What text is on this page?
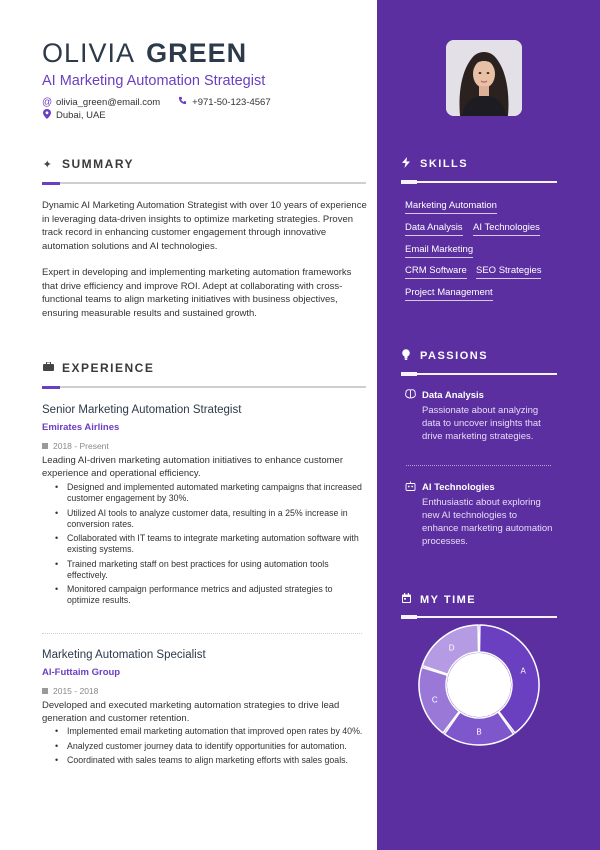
OLIVIA GREEN
AI Marketing Automation Strategist
@ olivia_green@email.com	+971-50-123-4567
Dubai, UAE
✦ SUMMARY
Dynamic AI Marketing Automation Strategist with over 10 years of experience in leveraging data-driven insights to optimize marketing strategies. Proven track record in enhancing customer engagement through innovative automation solutions and AI technologies.
Expert in developing and implementing marketing automation frameworks that drive efficiency and improve ROI. Adept at collaborating with cross-functional teams to align marketing initiatives with business objectives, ensuring measurable results and sustained growth.
EXPERIENCE
Senior Marketing Automation Strategist
Emirates Airlines
2018 - Present
Leading AI-driven marketing automation initiatives to enhance customer experience and operational efficiency.
• Designed and implemented automated marketing campaigns that increased customer engagement by 30%.
• Utilized AI tools to analyze customer data, resulting in a 25% increase in conversion rates.
• Collaborated with IT teams to integrate marketing automation software with existing systems.
• Trained marketing staff on best practices for using automation tools effectively.
• Monitored campaign performance metrics and adjusted strategies to optimize results.
Marketing Automation Specialist
Al-Futtaim Group
2015 - 2018
Developed and executed marketing automation strategies to drive lead generation and customer retention.
• Implemented email marketing automation that improved open rates by 40%.
• Analyzed customer journey data to identify opportunities for automation.
• Coordinated with sales teams to align marketing efforts with sales goals.
SKILLS
Marketing Automation
Data Analysis AI Technologies
Email Marketing
CRM Software SEO Strategies
Project Management
PASSIONS
Data Analysis
Passionate about analyzing data to uncover insights that drive marketing strategies.
AI Technologies
Enthusiastic about exploring new AI technologies to enhance marketing automation processes.
MY TIME
A
B
C
D
